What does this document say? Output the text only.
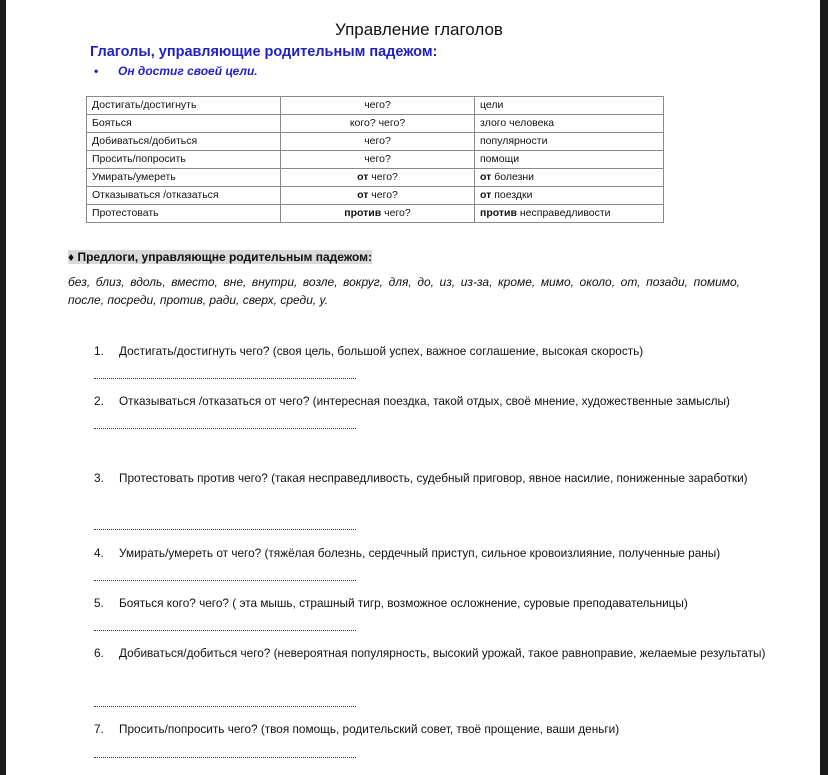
Управление глаголов
Глаголы, управляющие родительным падежом:
• Он достиг своей цели.
Достигать/достигнуть	чего?	цели
Бояться	кого? чего?	злого человека
Добиваться/добиться	чего?	популярности
Просить/попросить	чего?	помощи
Умирать/умереть	от чего?	от болезни
Отказываться /отказаться	от чего?	от поездки
Протестовать	против чего?	против несправедливости
♦ Предлоги, управляющне родительным падежом:
без, близ, вдоль, вместо, вне, внутри, возле, вокруг, для, до, из, из-за, кроме, мимо, около, от, позади, помимо, после, посреди, против, ради, сверх, среди, у.
1. Достигать/достигнуть чего? (своя цель, большой успех, важное соглашение, высокая скорость)
2. Отказываться /отказаться от чего? (интересная поездка, такой отдых, своё мнение, художественные замыслы)
3. Протестовать против чего? (такая несправедливость, судебный приговор, явное насилие, пониженные заработки)
4. Умирать/умереть от чего? (тяжёлая болезнь, сердечный приступ, сильное кровоизлияние, полученные раны)
5. Бояться кого? чего? ( эта мышь, страшный тигр, возможное осложнение, суровые преподавательницы)
6. Добиваться/добиться чего? (невероятная популярность, высокий урожай, такое равноправие, желаемые результаты)
7. Просить/попросить чего? (твоя помощь, родительский совет, твоё прощение, ваши деньги)
